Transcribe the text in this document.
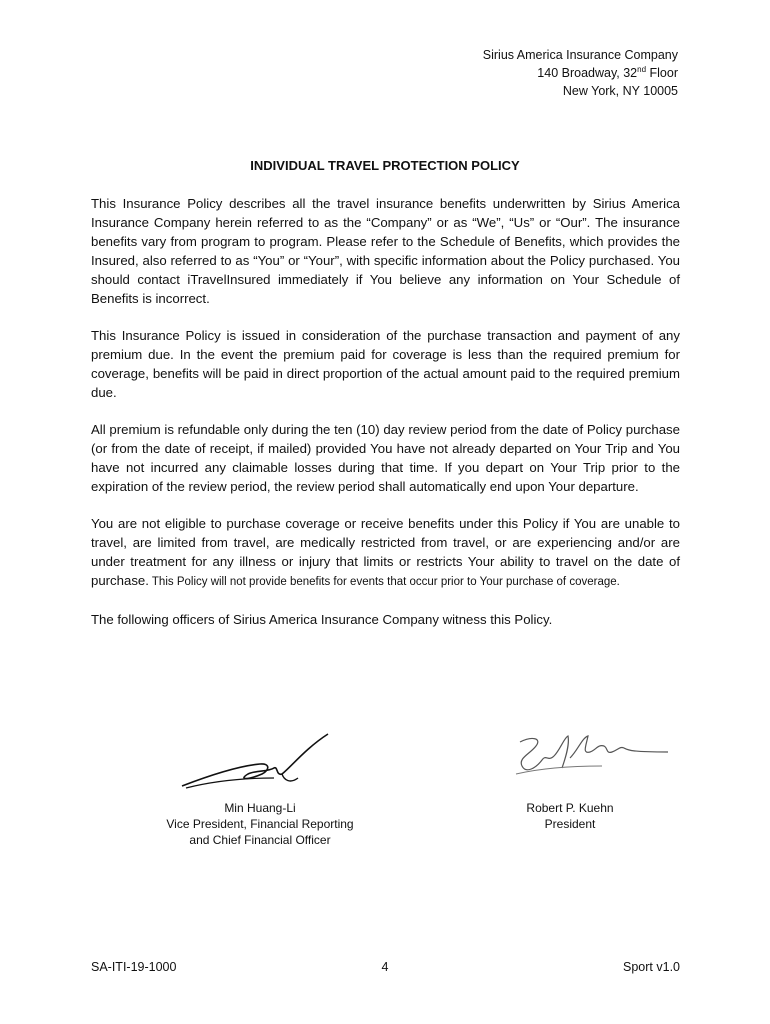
Sirius America Insurance Company
140 Broadway, 32nd Floor
New York, NY 10005
INDIVIDUAL TRAVEL PROTECTION POLICY

This Insurance Policy describes all the travel insurance benefits underwritten by Sirius America Insurance Company herein referred to as the “Company” or as “We”, “Us” or “Our”. The insurance benefits vary from program to program. Please refer to the Schedule of Benefits, which provides the Insured, also referred to as “You” or “Your”, with specific information about the Policy purchased. You should contact iTravelInsured immediately if You believe any information on Your Schedule of Benefits is incorrect.

This Insurance Policy is issued in consideration of the purchase transaction and payment of any premium due. In the event the premium paid for coverage is less than the required premium for coverage, benefits will be paid in direct proportion of the actual amount paid to the required premium due.

All premium is refundable only during the ten (10) day review period from the date of Policy purchase (or from the date of receipt, if mailed) provided You have not already departed on Your Trip and You have not incurred any claimable losses during that time. If you depart on Your Trip prior to the expiration of the review period, the review period shall automatically end upon Your departure.

You are not eligible to purchase coverage or receive benefits under this Policy if You are unable to travel, are limited from travel, are medically restricted from travel, or are experiencing and/or are under treatment for any illness or injury that limits or restricts Your ability to travel on the date of purchase. This Policy will not provide benefits for events that occur prior to Your purchase of coverage.

The following officers of Sirius America Insurance Company witness this Policy.

Min Huang-Li
Vice President, Financial Reporting
and Chief Financial Officer
Robert P. Kuehn
President
SA-ITI-19-1000	4	Sport v1.0
